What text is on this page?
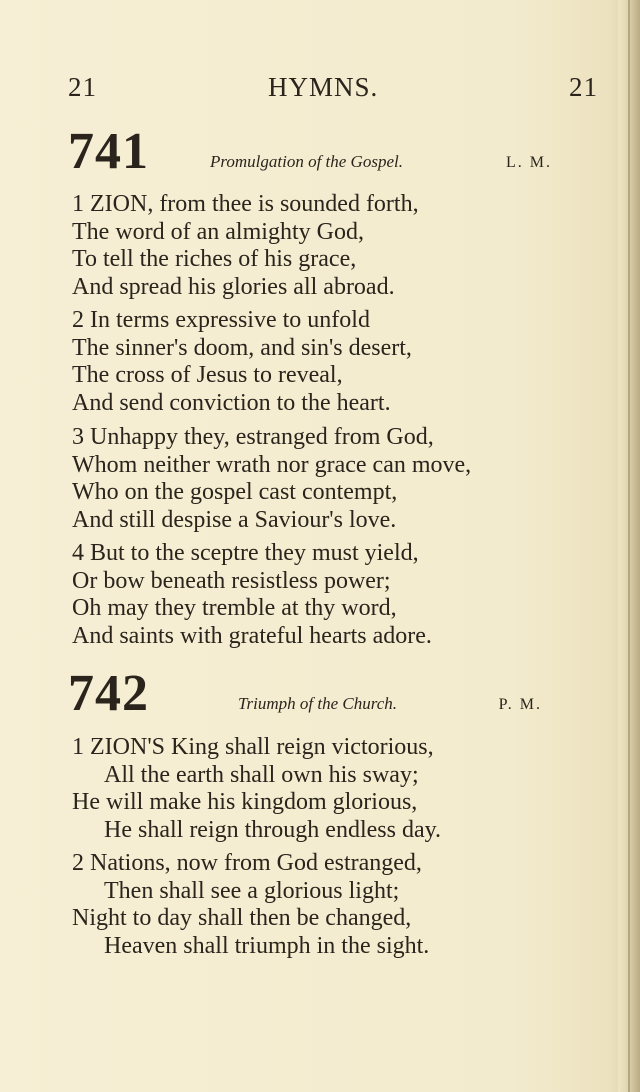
21	HYMNS.	21
741	Promulgation of the Gospel.	L. M.
1 ZION, from thee is sounded forth,
The word of an almighty God,
To tell the riches of his grace,
And spread his glories all abroad.
2 In terms expressive to unfold
The sinner's doom, and sin's desert,
The cross of Jesus to reveal,
And send conviction to the heart.
3 Unhappy they, estranged from God,
Whom neither wrath nor grace can move,
Who on the gospel cast contempt,
And still despise a Saviour's love.
4 But to the sceptre they must yield,
Or bow beneath resistless power;
Oh may they tremble at thy word,
And saints with grateful hearts adore.
742	Triumph of the Church.	P. M.
1 ZION'S King shall reign victorious,
All the earth shall own his sway;
He will make his kingdom glorious,
He shall reign through endless day.
2 Nations, now from God estranged,
Then shall see a glorious light;
Night to day shall then be changed,
Heaven shall triumph in the sight.
